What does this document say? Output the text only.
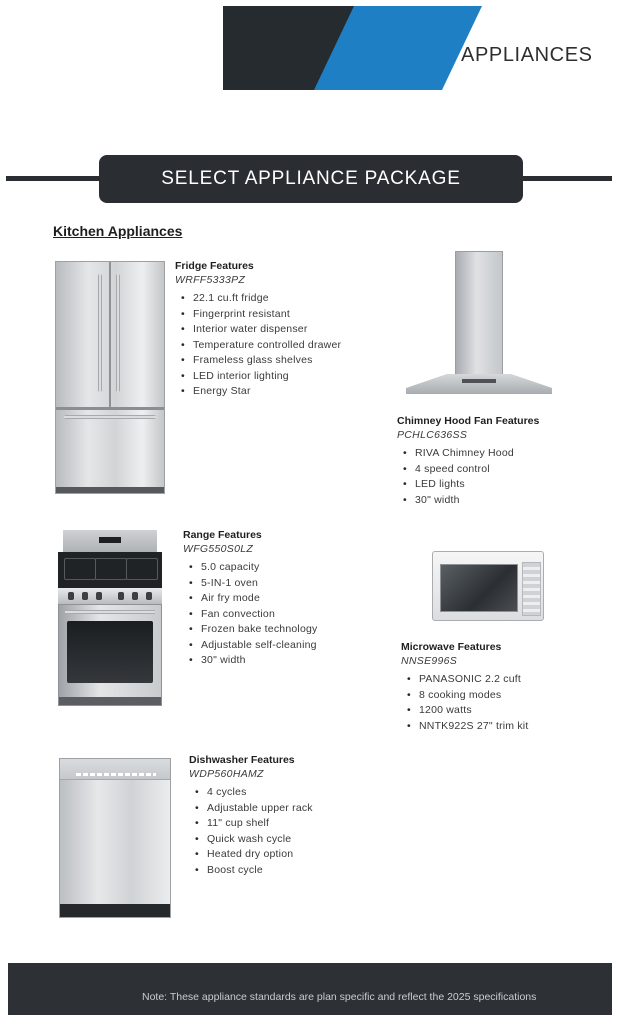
APPLIANCES
SELECT APPLIANCE PACKAGE
Kitchen Appliances
Fridge Features
WRFF5333PZ
• 22.1 cu.ft fridge
• Fingerprint resistant
• Interior water dispenser
• Temperature controlled drawer
• Frameless glass shelves
• LED interior lighting
• Energy Star
Chimney Hood Fan Features
PCHLC636SS
• RIVA Chimney Hood
• 4 speed control
• LED lights
• 30" width
Range Features
WFG550S0LZ
• 5.0 capacity
• 5-IN-1 oven
• Air fry mode
• Fan convection
• Frozen bake technology
• Adjustable self-cleaning
• 30" width
Microwave Features
NNSE996S
• PANASONIC 2.2 cuft
• 8 cooking modes
• 1200 watts
• NNTK922S 27" trim kit
Dishwasher Features
WDP560HAMZ
• 4 cycles
• Adjustable upper rack
• 11" cup shelf
• Quick wash cycle
• Heated dry option
• Boost cycle
Note: These appliance standards are plan specific and reflect the 2025 specifications
